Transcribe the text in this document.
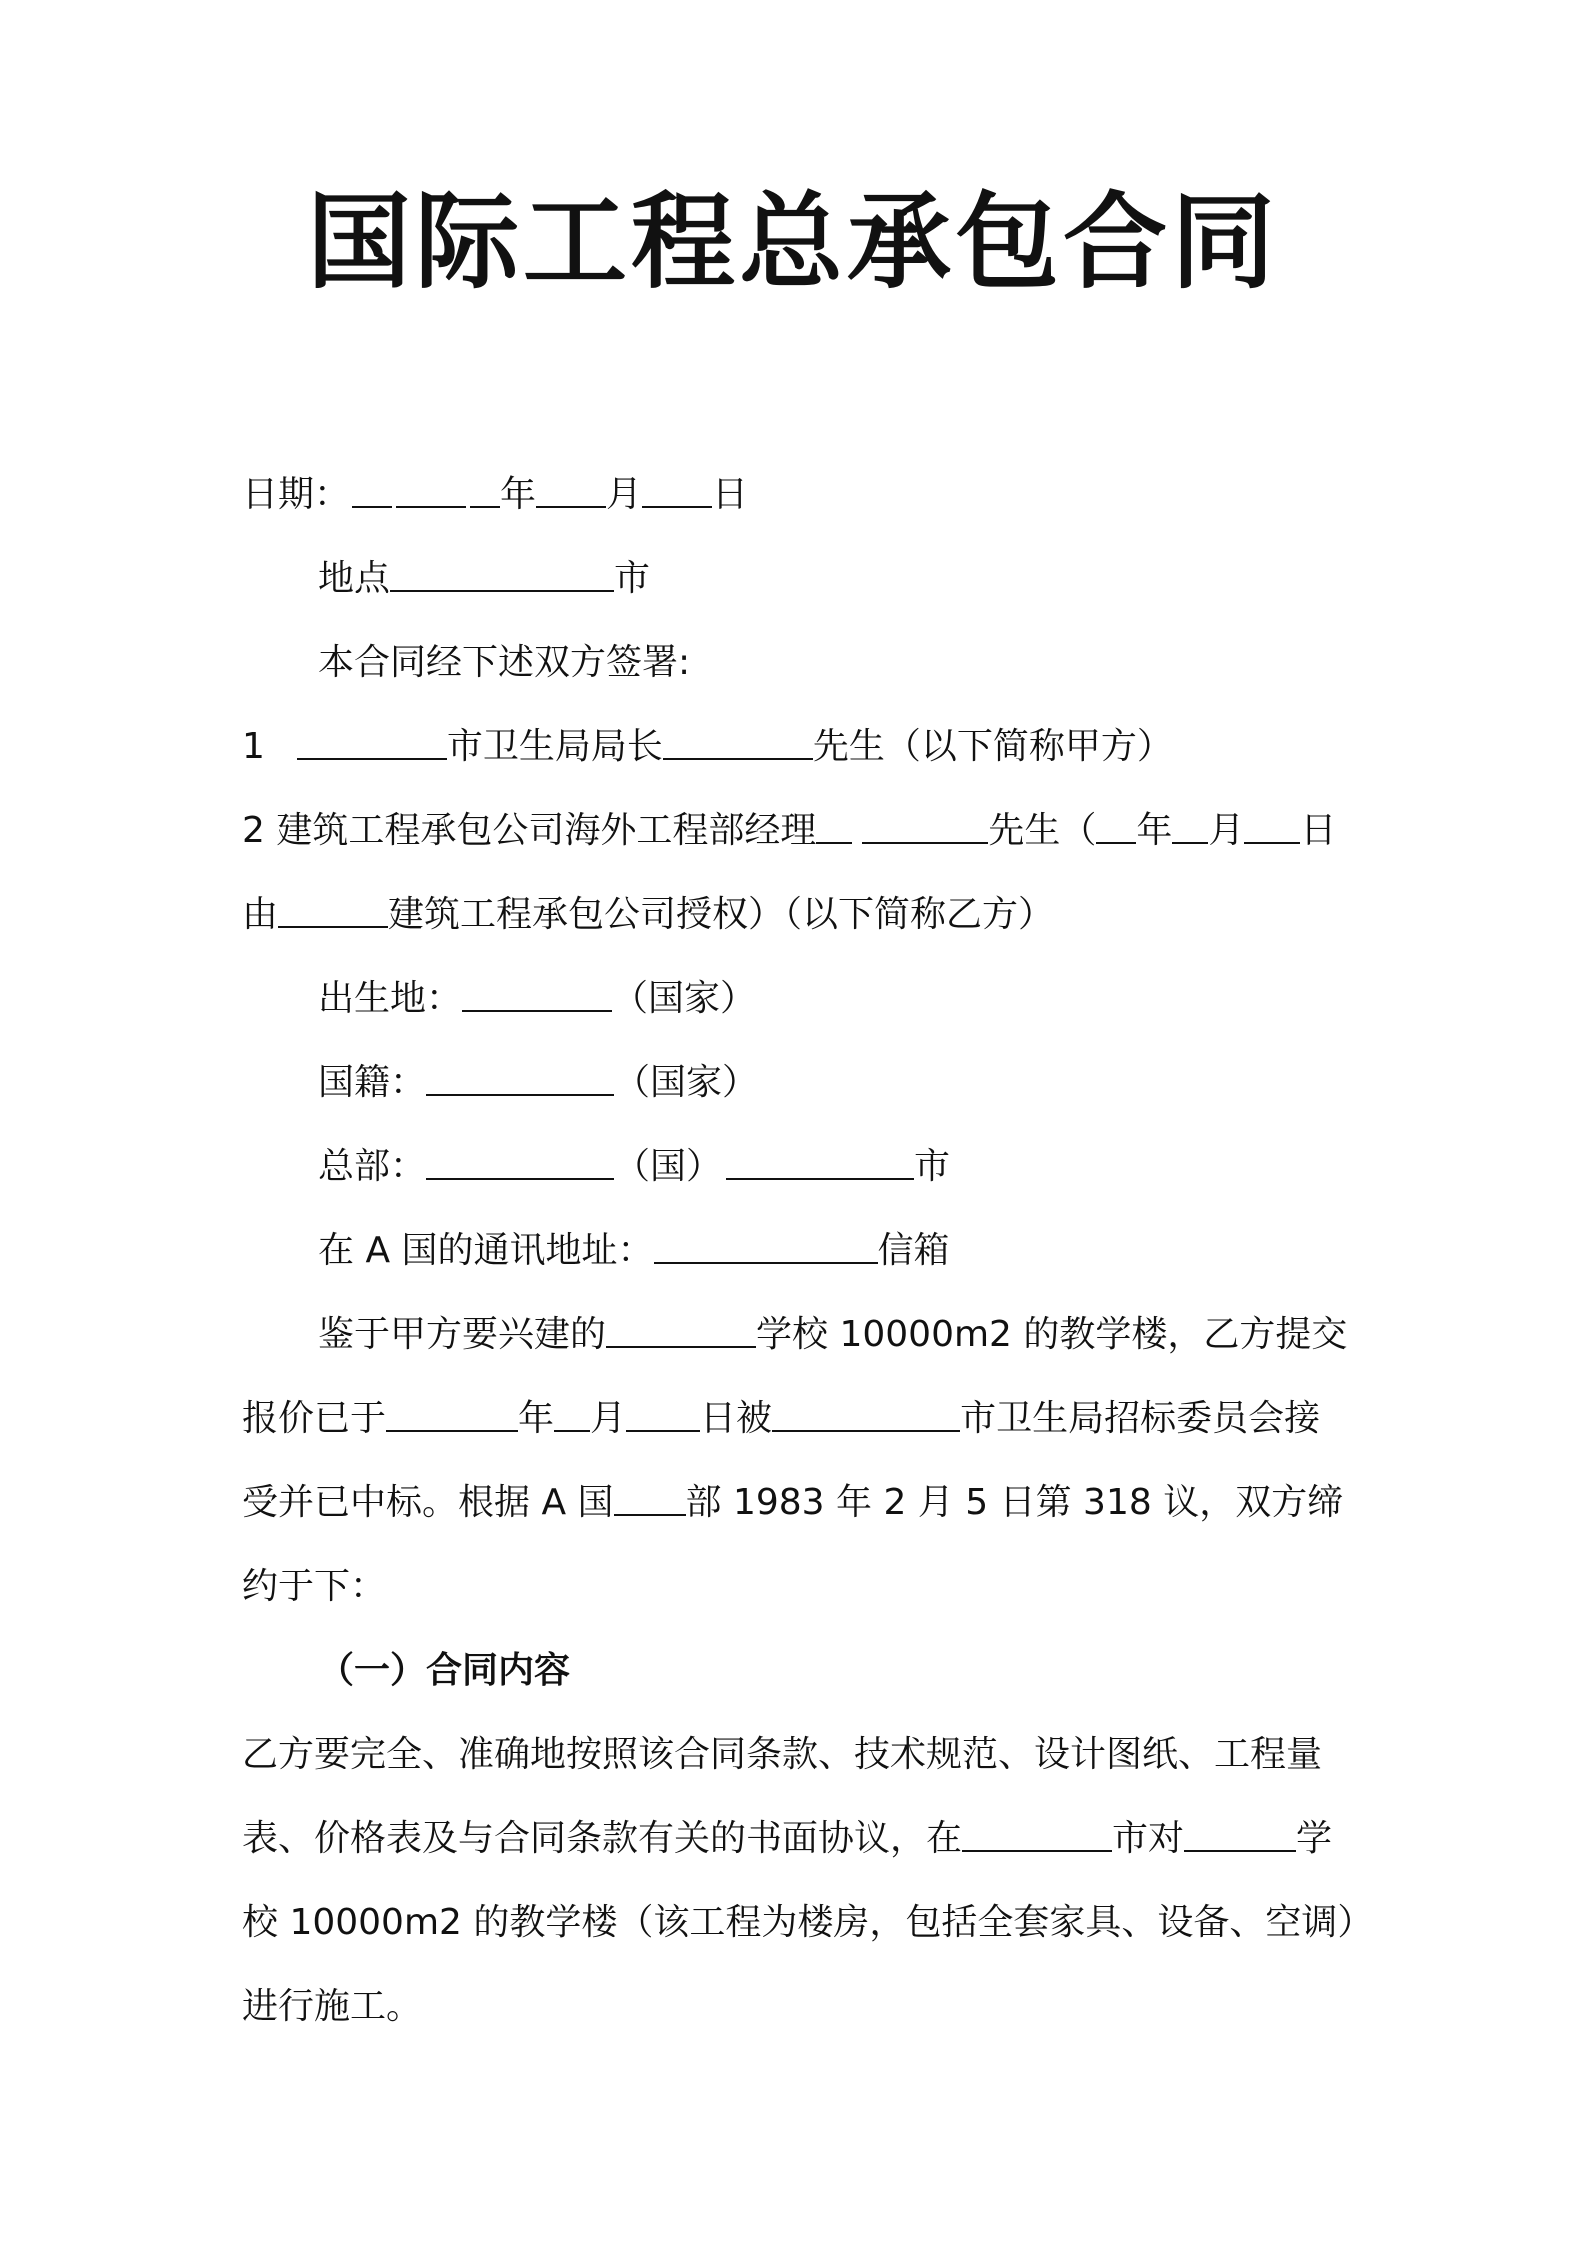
国际工程总承包合同
日期：	年 月 日
地点	市
本合同经下述双方签署:
1	市卫生局局长	先生（以下简称甲方）
2 建筑工程承包公司海外工程部经理	先生（ 年 月 日
由	建筑工程承包公司授权）（以下简称乙方）
出生地：	（国家）
国籍：	（国家）
总部：	（国）	市
在 A 国的通讯地址：	信箱
鉴于甲方要兴建的	学校 10000m2 的教学楼，乙方提交
报价已于	年 月 日被	市卫生局招标委员会接
受并已中标。根据 A 国 部 1983 年 2 月 5 日第 318 议，双方缔
约于下：
（一）合同内容
乙方要完全、准确地按照该合同条款、技术规范、设计图纸、工程量
表、价格表及与合同条款有关的书面协议，在	市对	学
校 10000m2 的教学楼（该工程为楼房，包括全套家具、设备、空调）
进行施工。
